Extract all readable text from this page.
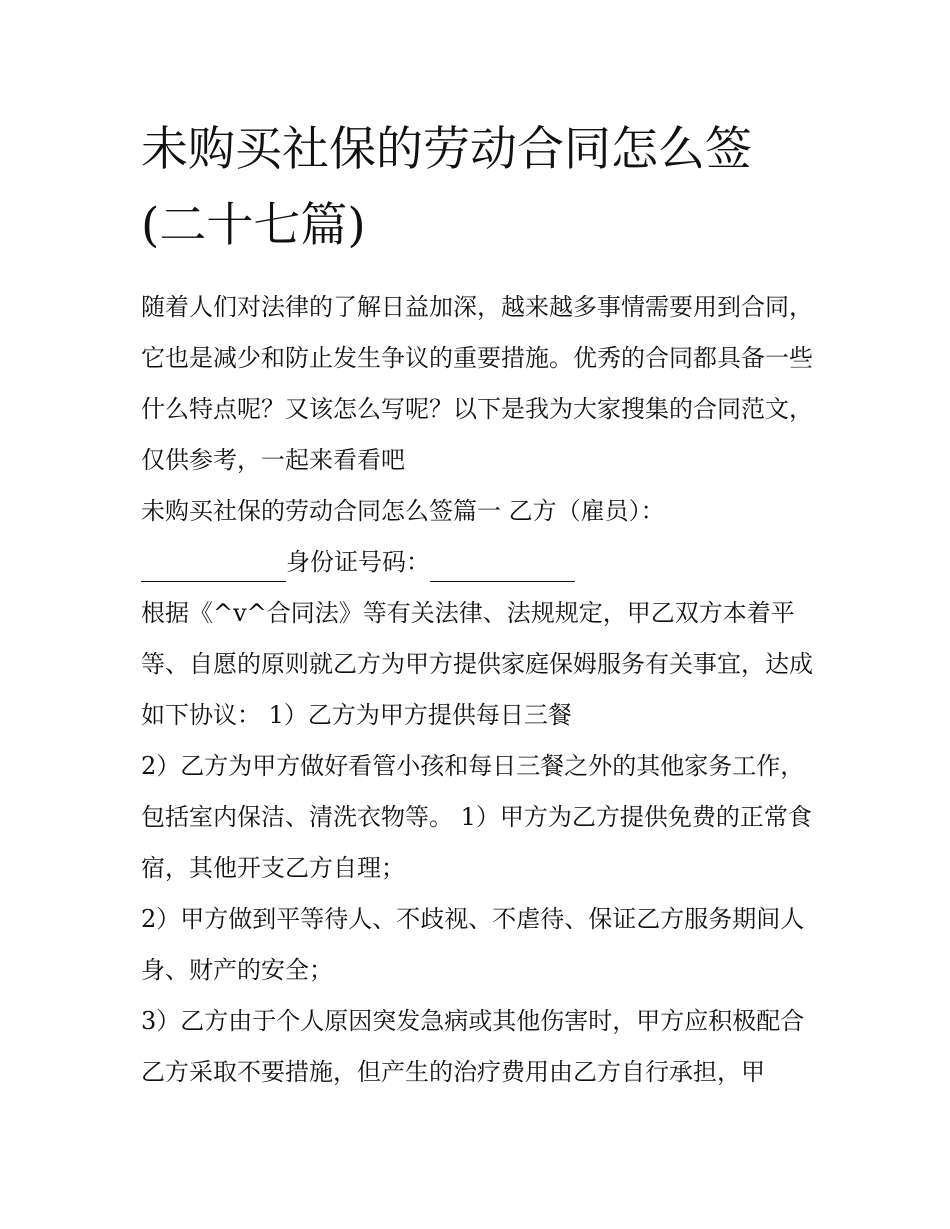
未购买社保的劳动合同怎么签(二十七篇)

随着人们对法律的了解日益加深，越来越多事情需要用到合同，它也是减少和防止发生争议的重要措施。优秀的合同都具备一些什么特点呢？又该怎么写呢？以下是我为大家搜集的合同范文，仅供参考，一起来看看吧

未购买社保的劳动合同怎么签篇一 乙方（雇员）：

身份证号码：

根据《^v^合同法》等有关法律、法规规定，甲乙双方本着平等、自愿的原则就乙方为甲方提供家庭保姆服务有关事宜，达成如下协议： 1）乙方为甲方提供每日三餐

2）乙方为甲方做好看管小孩和每日三餐之外的其他家务工作，包括室内保洁、清洗衣物等。 1）甲方为乙方提供免费的正常食宿，其他开支乙方自理；

2）甲方做到平等待人、不歧视、不虐待、保证乙方服务期间人身、财产的安全；

3）乙方由于个人原因突发急病或其他伤害时，甲方应积极配合乙方采取不要措施，但产生的治疗费用由乙方自行承担，甲
